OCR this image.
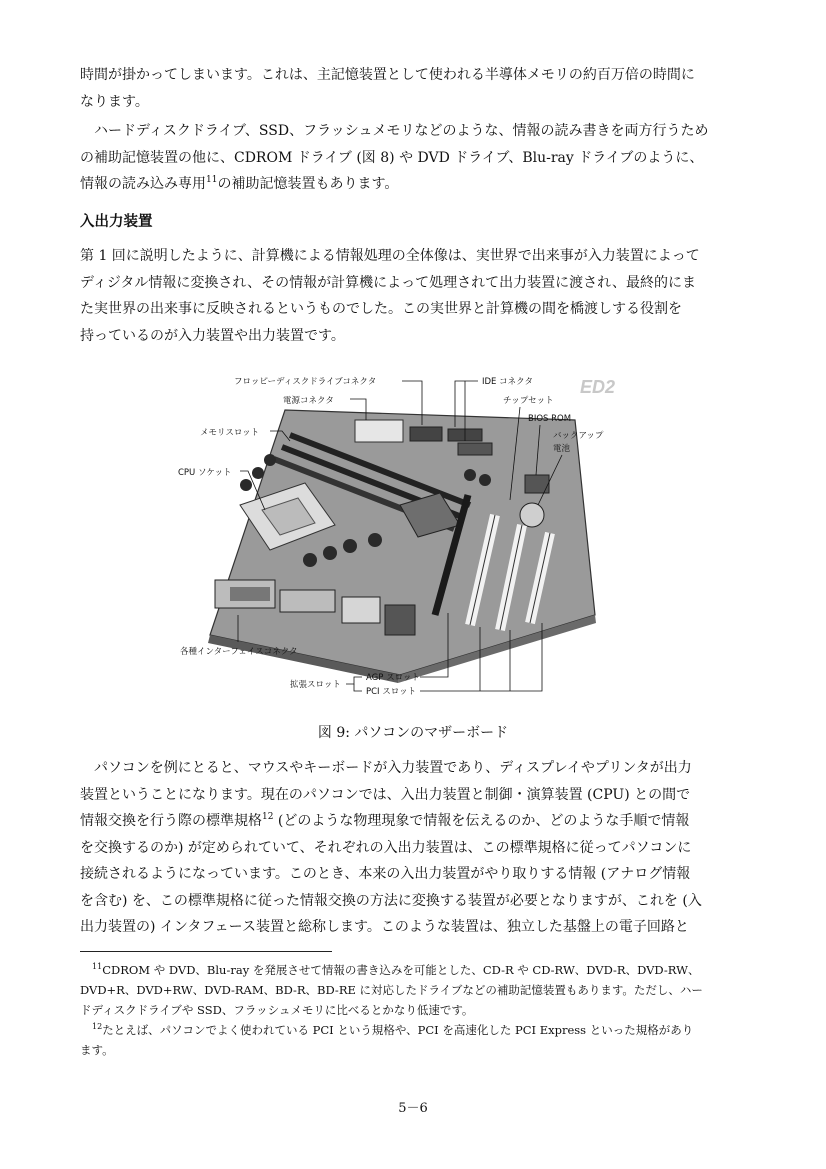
時間が掛かってしまいます。これは、主記憶装置として使われる半導体メモリの約百万倍の時間に
なります。

ハードディスクドライブ、SSD、フラッシュメモリなどのような、情報の読み書きを両方行うため
の補助記憶装置の他に、CDROM ドライブ (図 8) や DVD ドライブ、Blu-ray ドライブのように、
情報の読み込み専用$^{11}$の補助記憶装置もあります。

入出力装置

第 1 回に説明したように、計算機による情報処理の全体像は、実世界で出来事が入力装置によって
ディジタル情報に変換され、その情報が計算機によって処理されて出力装置に渡され、最終的にま
た実世界の出来事に反映されるというものでした。この実世界と計算機の間を橋渡しする役割を
持っているのが入力装置や出力装置です。

ED2
フロッピーディスクドライブコネクタ	IDE コネクタ
電源コネクタ	チップセット
BIOS ROM
メモリスロット	バックアップ
電池
CPU ソケット
各種インターフェイスコネクタ
拡張スロット
AGP スロット
PCI スロット

図 9: パソコンのマザーボード

パソコンを例にとると、マウスやキーボードが入力装置であり、ディスプレイやプリンタが出力
装置ということになります。現在のパソコンでは、入出力装置と制御・演算装置 (CPU) との間で
情報交換を行う際の標準規格$^{12}$ (どのような物理現象で情報を伝えるのか、どのような手順で情報
を交換するのか) が定められていて、それぞれの入出力装置は、この標準規格に従ってパソコンに
接続されるようになっています。このとき、本来の入出力装置がやり取りする情報 (アナログ情報
を含む) を、この標準規格に従った情報交換の方法に変換する装置が必要となりますが、これを (入
出力装置の) インタフェース装置と総称します。このような装置は、独立した基盤上の電子回路と

$^{11}$CDROM や DVD、Blu-ray を発展させて情報の書き込みを可能とした、CD-R や CD-RW、DVD-R、DVD-RW、
DVD+R、DVD+RW、DVD-RAM、BD-R、BD-RE に対応したドライブなどの補助記憶装置もあります。ただし、ハー
ドディスクドライブや SSD、フラッシュメモリに比べるとかなり低速です。

$^{12}$たとえば、パソコンでよく使われている PCI という規格や、PCI を高速化した PCI Express といった規格があり
ます。

5－6
